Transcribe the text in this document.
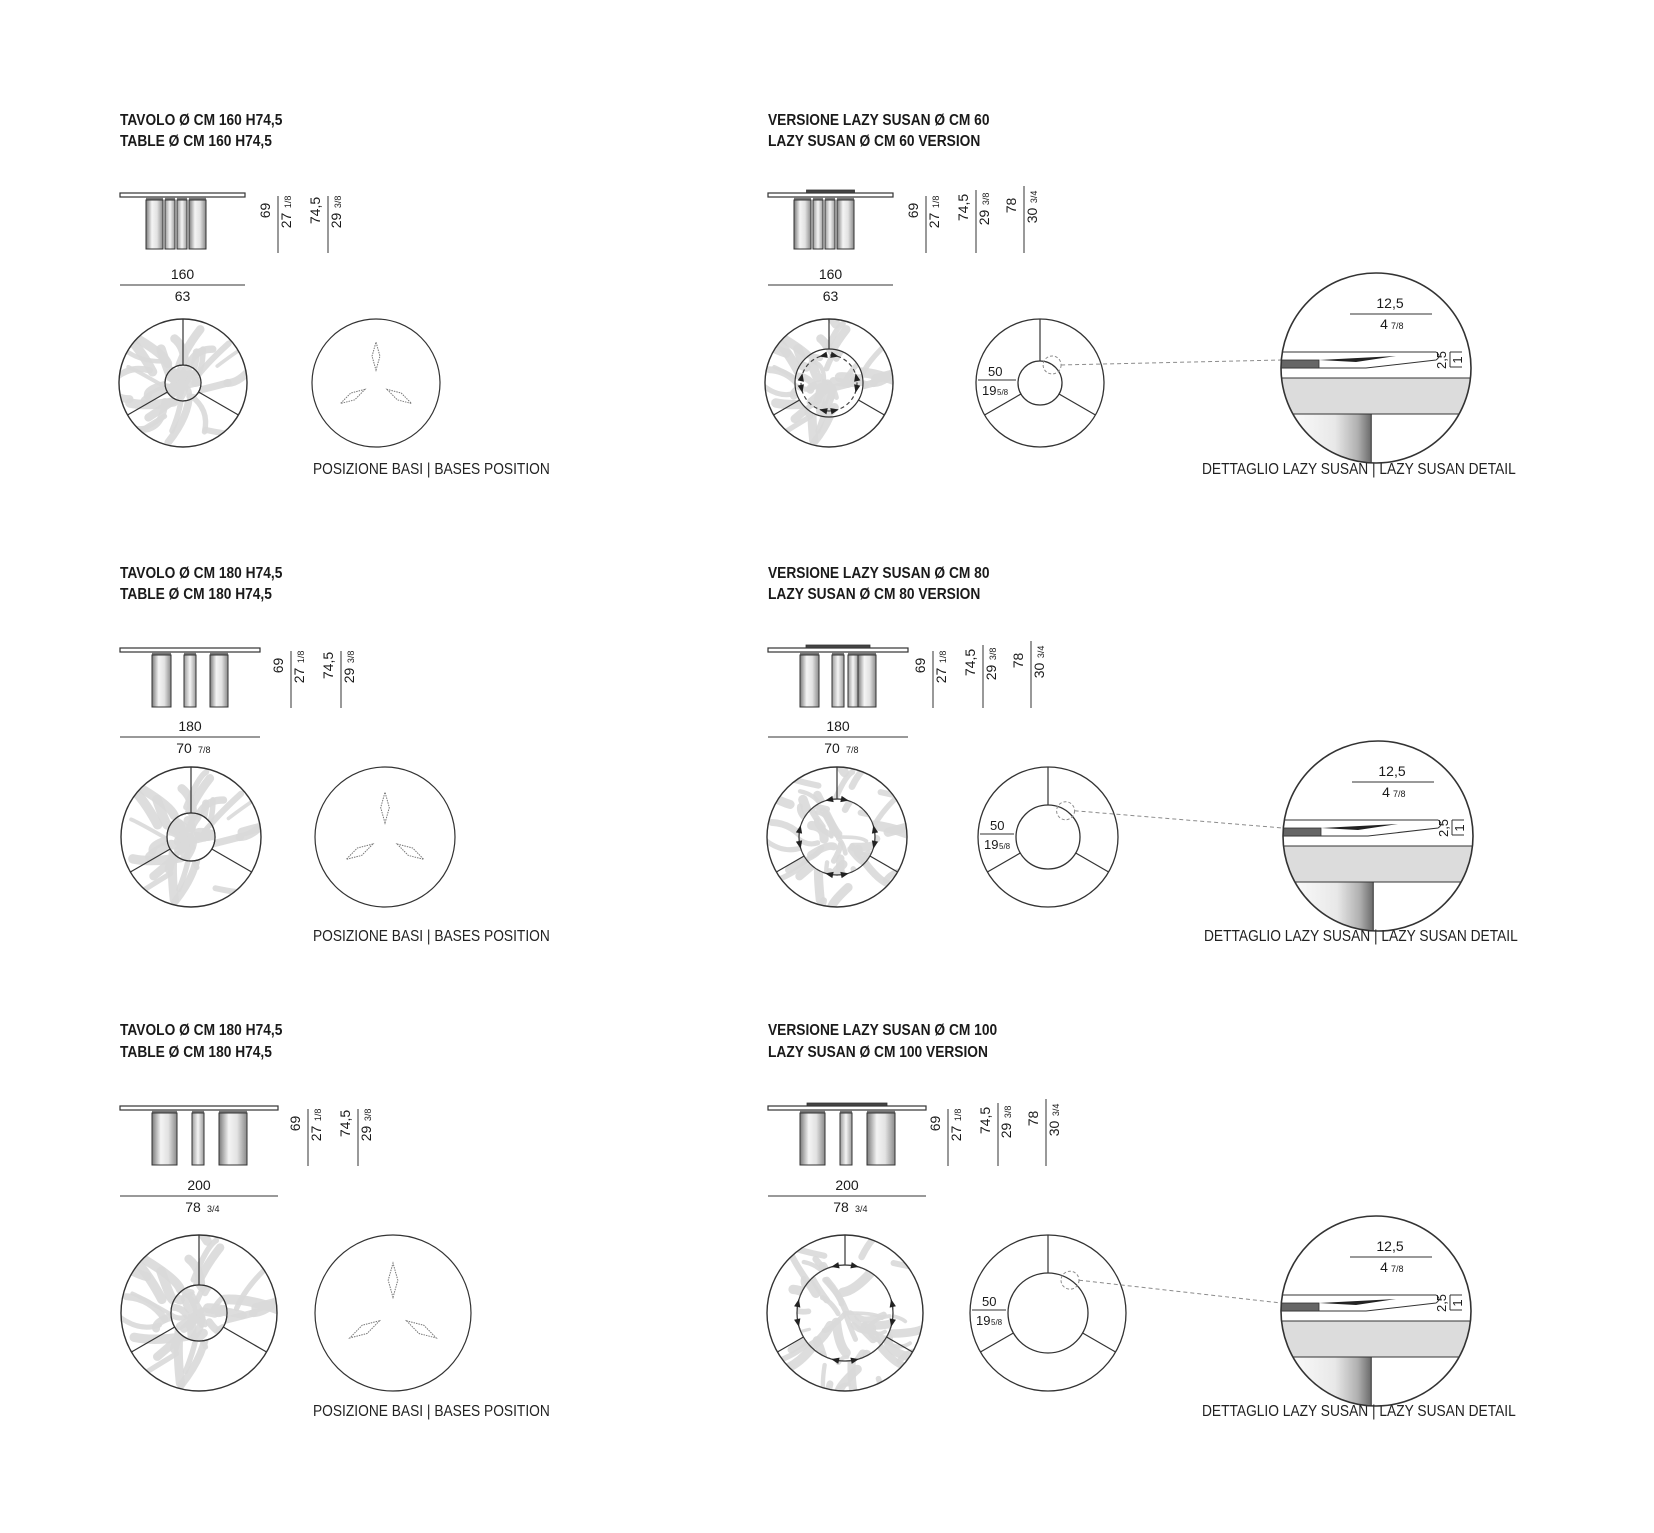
TAVOLO Ø CM 160 H74,5
TABLE Ø CM 160 H74,5
POSIZIONE BASI | BASES POSITION
TAVOLO Ø CM 180 H74,5
TABLE Ø CM 180 H74,5
POSIZIONE BASI | BASES POSITION
TAVOLO Ø CM 180 H74,5
TABLE Ø CM 180 H74,5
POSIZIONE BASI | BASES POSITION
VERSIONE LAZY SUSAN Ø CM 60
LAZY SUSAN Ø CM 60 VERSION
DETTAGLIO LAZY SUSAN | LAZY SUSAN DETAIL
VERSIONE LAZY SUSAN Ø CM 80
LAZY SUSAN Ø CM 80 VERSION
DETTAGLIO LAZY SUSAN | LAZY SUSAN DETAIL
VERSIONE LAZY SUSAN Ø CM 100
LAZY SUSAN Ø CM 100 VERSION
DETTAGLIO LAZY SUSAN | LAZY SUSAN DETAIL
160
63
69
27
1/8 74,5 29
3/8
180
70 7/8
69
27
1/8 74,5 29
3/8
200
78 3/4
69
27
1/8 74,5 29
3/8
160
63
69
27
1/8 74,5 29
3/8 78
30
3/4
50
19 5/8
12,5
4 7/8
2,5 1
180
70 7/8
69
27
1/8 74,5 29
3/8 78
30
3/4
50
19 5/8
12,5
4 7/8
2,5 1
200
78 3/4
69
27
1/8 74,5 29
3/8 78
30
3/4
50
19 5/8
12,5
4 7/8
2,5 1
